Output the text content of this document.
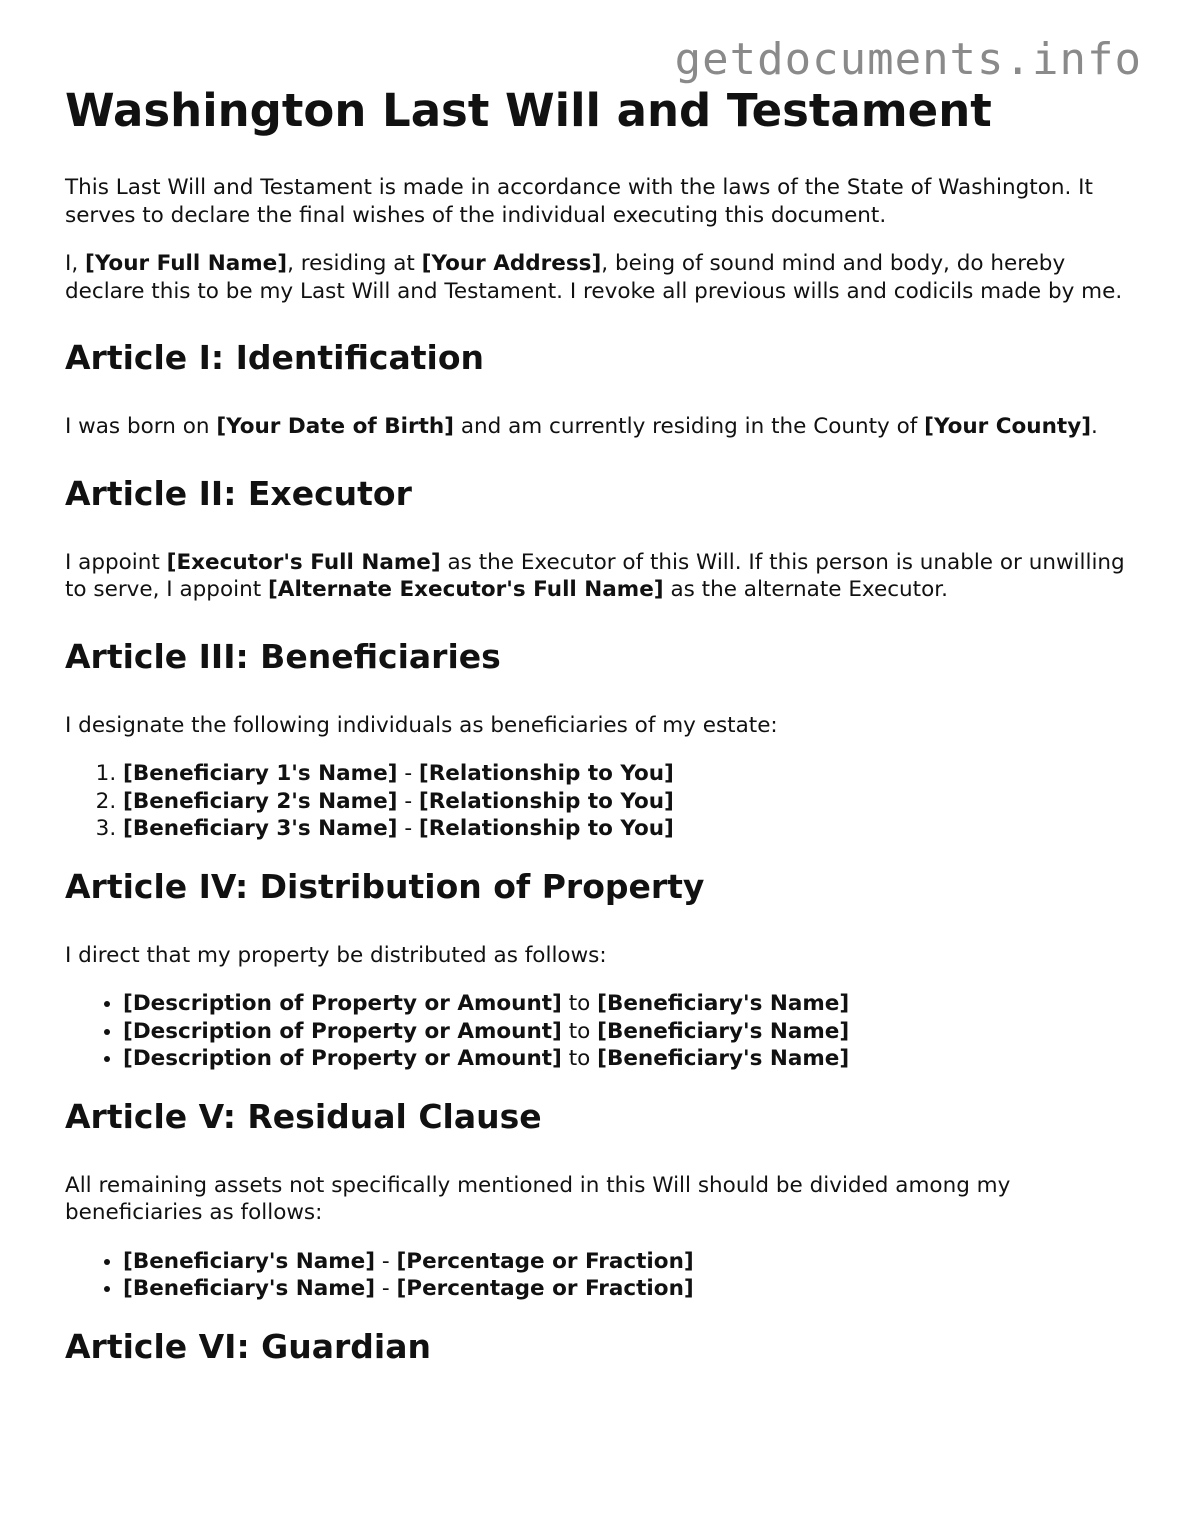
getdocuments.info
Washington Last Will and Testament

This Last Will and Testament is made in accordance with the laws of the State of Washington. It serves to declare the final wishes of the individual executing this document.

I, [Your Full Name], residing at [Your Address], being of sound mind and body, do hereby declare this to be my Last Will and Testament. I revoke all previous wills and codicils made by me.

Article I: Identification

I was born on [Your Date of Birth] and am currently residing in the County of [Your County].

Article II: Executor

I appoint [Executor's Full Name] as the Executor of this Will. If this person is unable or unwilling to serve, I appoint [Alternate Executor's Full Name] as the alternate Executor.

Article III: Beneficiaries

I designate the following individuals as beneficiaries of my estate:

1. [Beneficiary 1's Name] - [Relationship to You]
2. [Beneficiary 2's Name] - [Relationship to You]
3. [Beneficiary 3's Name] - [Relationship to You]
Article IV: Distribution of Property

I direct that my property be distributed as follows:

• [Description of Property or Amount] to [Beneficiary's Name]
• [Description of Property or Amount] to [Beneficiary's Name]
• [Description of Property or Amount] to [Beneficiary's Name]
Article V: Residual Clause

All remaining assets not specifically mentioned in this Will should be divided among my beneficiaries as follows:

• [Beneficiary's Name] - [Percentage or Fraction]
• [Beneficiary's Name] - [Percentage or Fraction]
Article VI: Guardian
